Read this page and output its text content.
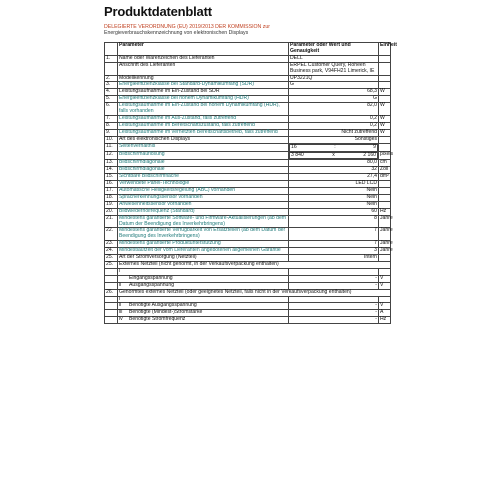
Produktdatenblatt
DELEGIERTE VERORDNUNG (EU) 2019/2013 DER KOMMISSION zur
Energieverbrauchskennzeichnung von elektronischen Displays
	Parameter	Parameter oder Wert und Genauigkeit	Einheit
1.	Name oder Warenzeichen des Lieferanten	DELL	
	Anschrift des Lieferanten	ERPEL Customer Query, Roheen Business park, V94FH21 Limerick, IE	
2.	Modellkennung	UP3221Q	
3.	Energieeffizienzklasse bei Standard-Dynamikumfang (SDR)	G	
4.	Leistungsaufnahme im Ein-Zustand bei SDR	68,3	W
5.	Energieeffizienzklasse bei hohem Dynamikumfang (HDR)	G	
6.	Leistungsaufnahme im Ein-Zustand bei hohem Dynamikumfang (HDR), falls vorhanden	82,0	W
7.	Leistungsaufnahme im Aus-Zustand, falls zutreffend	0,2	W
8.	Leistungsaufnahme im Bereitschaftszustand, falls zutreffend	0,2	W
9.	Leistungsaufnahme im vernetzten Bereitschaftsbetrieb, falls zutreffend	Nicht zutreffend	W
10.	Art des elektronischen Displays	Sonstiges	
11.	Seitenverhältnis		16	:	9

12.	Bildschirmauflösung		3 840	x	2 160 pixels
13.	Bildschirmdiagonale	80,0	cm
14.	Bildschirmdiagonale	32	Zoll
15.	Sichtbare Bildschirmfläche	27,4	dm²
16.	Verwendete Panel-Technologie	LED LCD	
17.	Automatische Helligkeitsregelung (ABC) vorhanden	Nein	
18.	Spracherkennungssensor vorhanden	Nein	
19.	Anwesenheitssensor vorhanden	Nein	
20.	Bildwiederholfrequenz (Standard)	60	Hz
21.	Mindestens garantierte Software- und Firmware-Aktualisierungen (ab dem Datum der Beendigung des Inverkehrbringens)	8	Jahre
22.	Mindestens garantierte Verfügbarkeit von Ersatzteilen (ab dem Datum der Beendigung des Inverkehrbringens)	7	Jahre
23.	Mindestens garantierte Produktunterstützung	7	Jahre
24.	Mindestlaufzeit der vom Lieferanten angebotenen allgemeinen Garantie	3	Jahre
25.	Art der Stromversorgung (Netzteil)	Intern	
25.	Externes Netzteil (nicht genormt, in der Verkaufsverpackung enthalten)		
	i		
	Eingangsspannung	-	V
	ii Ausgangsspannung	-	V
26.	Genormtes externes Netzteil (oder geeignetes Netzteil, falls nicht in der Verkaufsverpackung enthalten)		
	i		
	ii Benötigte Ausgangsspannung	-	V
	iii Benötigte (Mindest-)Stromstärke	-	A
	iv Benötigte Stromfrequenz	-	Hz
